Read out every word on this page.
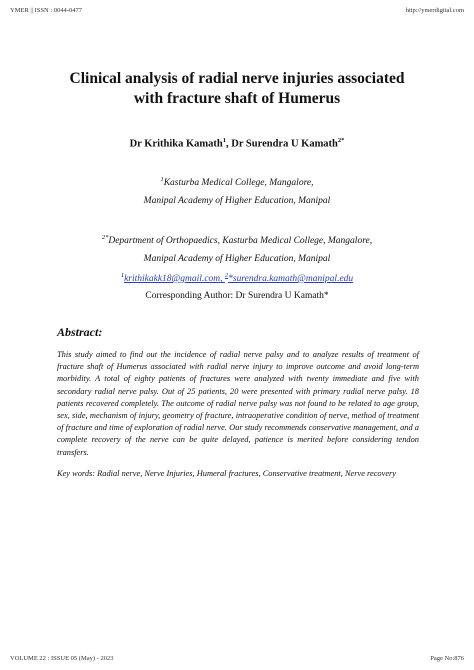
YMER || ISSN : 0044-0477	http://ymerdigital.com
Clinical analysis of radial nerve injuries associated
with fracture shaft of Humerus
Dr Krithika Kamath$^1$, Dr Surendra U Kamath$^{2*}$
$^1$Kasturba Medical College, Mangalore,
Manipal Academy of Higher Education, Manipal
$^{2*}$Department of Orthopaedics, Kasturba Medical College, Mangalore,
Manipal Academy of Higher Education, Manipal
$^1$krithikakk18@gmail.com, $^2$*surendra.kamath@manipal.edu
Corresponding Author: Dr Surendra U Kamath*
Abstract:
This study aimed to find out the incidence of radial nerve palsy and to analyze results of treatment of fracture shaft of Humerus associated with radial nerve injury to improve outcome and avoid long-term morbidity. A total of eighty patients of fractures were analyzed with twenty immediate and five with secondary radial nerve palsy. Out of 25 patients, 20 were presented with primary radial nerve palsy. 18 patients recovered completely. The outcome of radial nerve palsy was not found to be related to age group, sex, side, mechanism of injury, geometry of fracture, intraoperative condition of nerve, method of treatment of fracture and time of exploration of radial nerve. Our study recommends conservative management, and a complete recovery of the nerve can be quite delayed, patience is merited before considering tendon transfers.
Key words: Radial nerve, Nerve Injuries, Humeral fractures, Conservative treatment, Nerve recovery
VOLUME 22 : ISSUE 05 (May) - 2023	Page No:876
